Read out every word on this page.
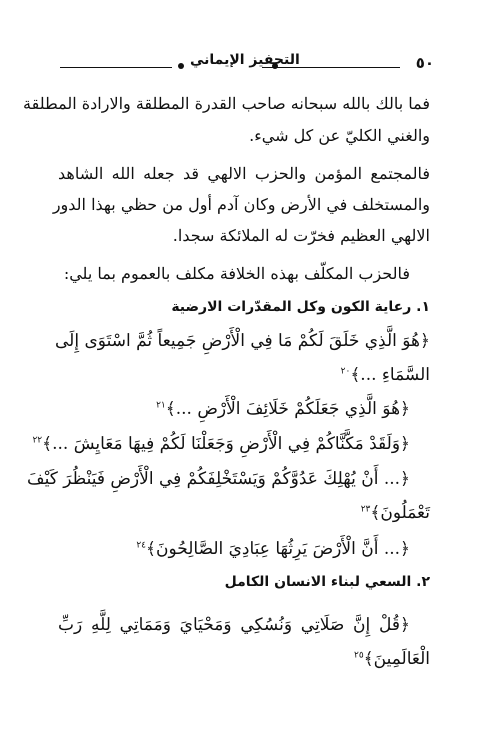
٥٠
التحفيز الإيماني
فما بالك بالله سبحانه صاحب القدرة المطلقة والارادة المطلقة
والغني الكليّ عن كل شيء.
فالمجتمع المؤمن والحزب الالهي قد جعله الله الشاهد
والمستخلف في الأرض وكان آدم أول من حظي بهذا الدور
الالهي العظيم فخرّت له الملائكة سجدا.
فالحزب المكلّف بهذه الخلافة مكلف بالعموم بما يلي:
١. رعاية الكون وكل المقدّرات الارضية
﴿هُوَ الَّذِي خَلَقَ لَكُمْ مَا فِي الْأَرْضِ جَمِيعاً ثُمَّ اسْتَوَى إِلَى
السَّمَاءِ ...﴾$^{٢٠}$
﴿هُوَ الَّذِي جَعَلَكُمْ خَلَائِفَ الْأَرْضِ ...﴾$^{٢١}$
﴿وَلَقَدْ مَكَّنَّاكُمْ فِي الْأَرْضِ وَجَعَلْنَا لَكُمْ فِيهَا مَعَايِشَ ...﴾$^{٢٢}$
﴿... أَنْ يُهْلِكَ عَدُوَّكُمْ وَيَسْتَخْلِفَكُمْ فِي الْأَرْضِ فَيَنْظُرَ كَيْفَ
تَعْمَلُونَ﴾$^{٢٣}$
﴿... أَنَّ الْأَرْضَ يَرِثُهَا عِبَادِيَ الصَّالِحُونَ﴾$^{٢٤}$
٢. السعي لبناء الانسان الكامل
﴿قُلْ إِنَّ صَلَاتِي وَنُسُكِي وَمَحْيَايَ وَمَمَاتِي لِلَّهِ رَبِّ
الْعَالَمِينَ﴾$^{٢٥}$
